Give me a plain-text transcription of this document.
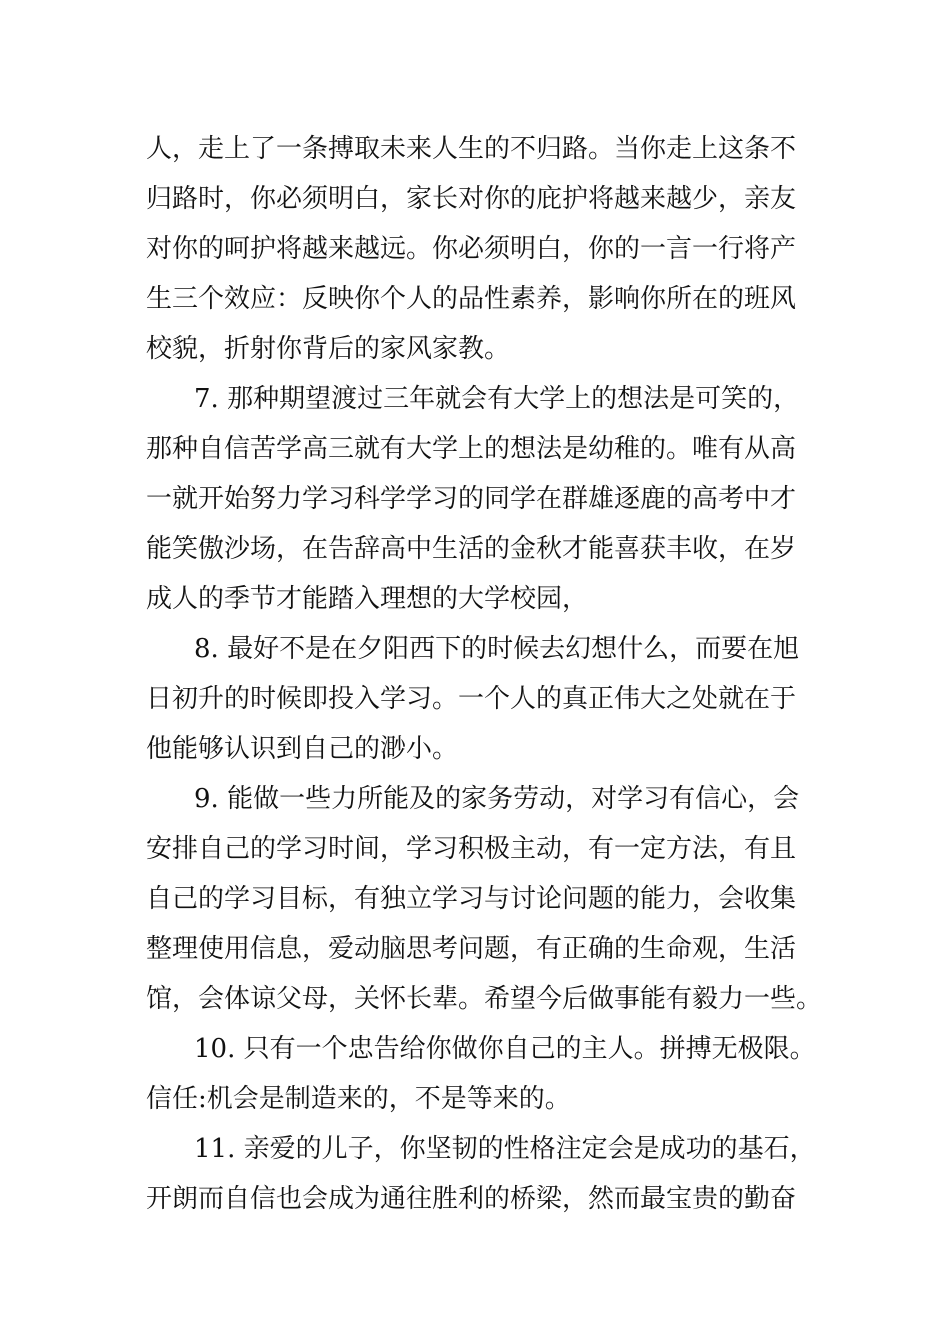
人，走上了一条搏取未来人生的不归路。当你走上这条不
归路时，你必须明白，家长对你的庇护将越来越少，亲友
对你的呵护将越来越远。你必须明白，你的一言一行将产
生三个效应：反映你个人的品性素养，影响你所在的班风
校貌，折射你背后的家风家教。
7. 那种期望渡过三年就会有大学上的想法是可笑的，
那种自信苦学高三就有大学上的想法是幼稚的。唯有从高
一就开始努力学习科学学习的同学在群雄逐鹿的高考中才
能笑傲沙场，在告辞高中生活的金秋才能喜获丰收，在岁
成人的季节才能踏入理想的大学校园，
8. 最好不是在夕阳西下的时候去幻想什么，而要在旭
日初升的时候即投入学习。一个人的真正伟大之处就在于
他能够认识到自己的渺小。
9. 能做一些力所能及的家务劳动，对学习有信心，会
安排自己的学习时间，学习积极主动，有一定方法，有且
自己的学习目标，有独立学习与讨论问题的能力，会收集
整理使用信息，爱动脑思考问题，有正确的生命观，生活
馆，会体谅父母，关怀长辈。希望今后做事能有毅力一些。
10. 只有一个忠告给你做你自己的主人。拼搏无极限。
信任:机会是制造来的，不是等来的。
11. 亲爱的儿子，你坚韧的性格注定会是成功的基石，
开朗而自信也会成为通往胜利的桥梁，然而最宝贵的勤奋
